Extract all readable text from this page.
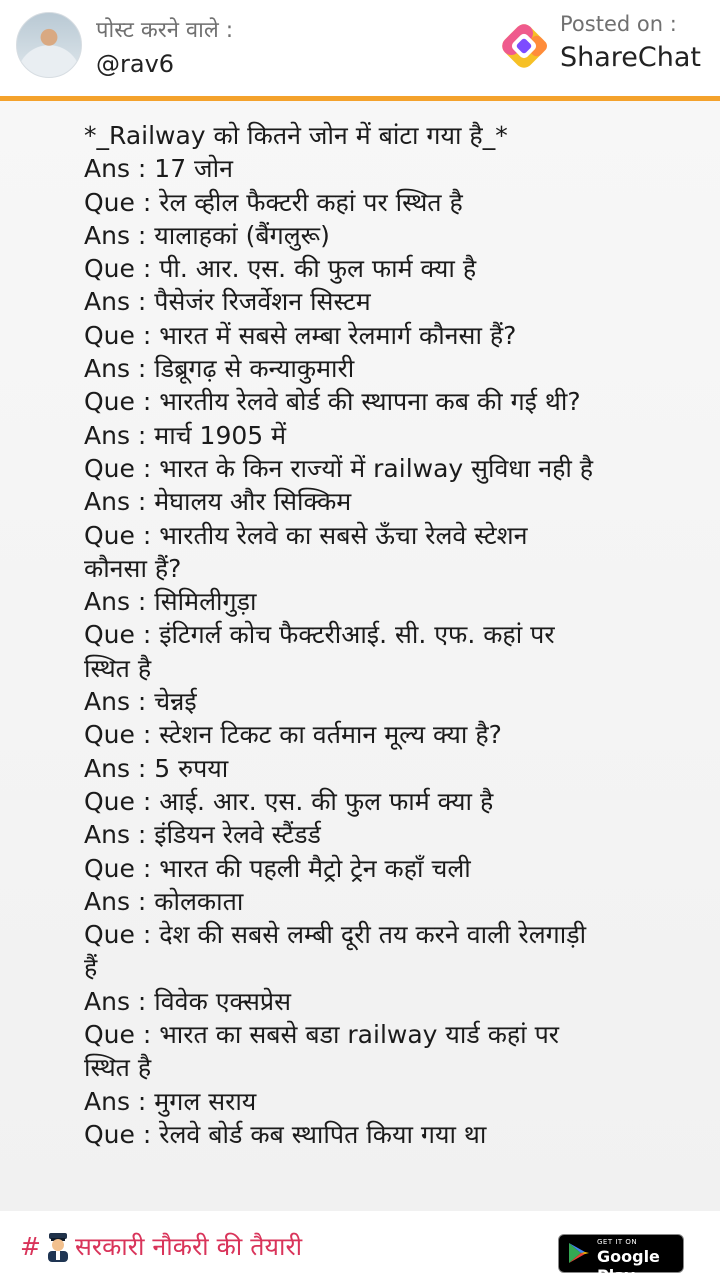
पोस्ट करने वाले :
@rav6
Posted on :
ShareChat
*_Railway को कितने जोन में बांटा गया है_*
Ans : 17 जोन
Que : रेल व्हील फैक्टरी कहां पर स्थित है
Ans : यालाहकां (बैंगलुरू)
Que : पी. आर. एस. की फुल फार्म क्या है
Ans : पैसेजंर रिजर्वेशन सिस्टम
Que : भारत में सबसे लम्बा रेलमार्ग कौनसा हैं?
Ans : डिब्रूगढ़ से कन्याकुमारी
Que : भारतीय रेलवे बोर्ड की स्थापना कब की गई थी?
Ans : मार्च 1905 में
Que : भारत के किन राज्यों में railway सुविधा नही है
Ans : मेघालय और सिक्किम
Que : भारतीय रेलवे का सबसे ऊँचा रेलवे स्टेशन कौनसा हैं?
Ans : सिमिलीगुड़ा
Que : इंटिगर्ल कोच फैक्टरीआई. सी. एफ. कहां पर स्थित है
Ans : चेन्नई
Que : स्टेशन टिकट का वर्तमान मूल्य क्या है?
Ans : 5 रुपया
Que : आई. आर. एस. की फुल फार्म क्या है
Ans : इंडियन रेलवे स्टैंडर्ड
Que : भारत की पहली मैट्रो ट्रेन कहाँ चली
Ans : कोलकाता
Que : देश की सबसे लम्बी दूरी तय करने वाली रेलगाड़ी हैं
Ans : विवेक एक्सप्रेस
Que : भारत का सबसे बडा railway यार्ड कहां पर स्थित है
Ans : मुगल सराय
Que : रेलवे बोर्ड कब स्थापित किया गया था
# सरकारी नौकरी की तैयारी	GET IT ON
Google Play
